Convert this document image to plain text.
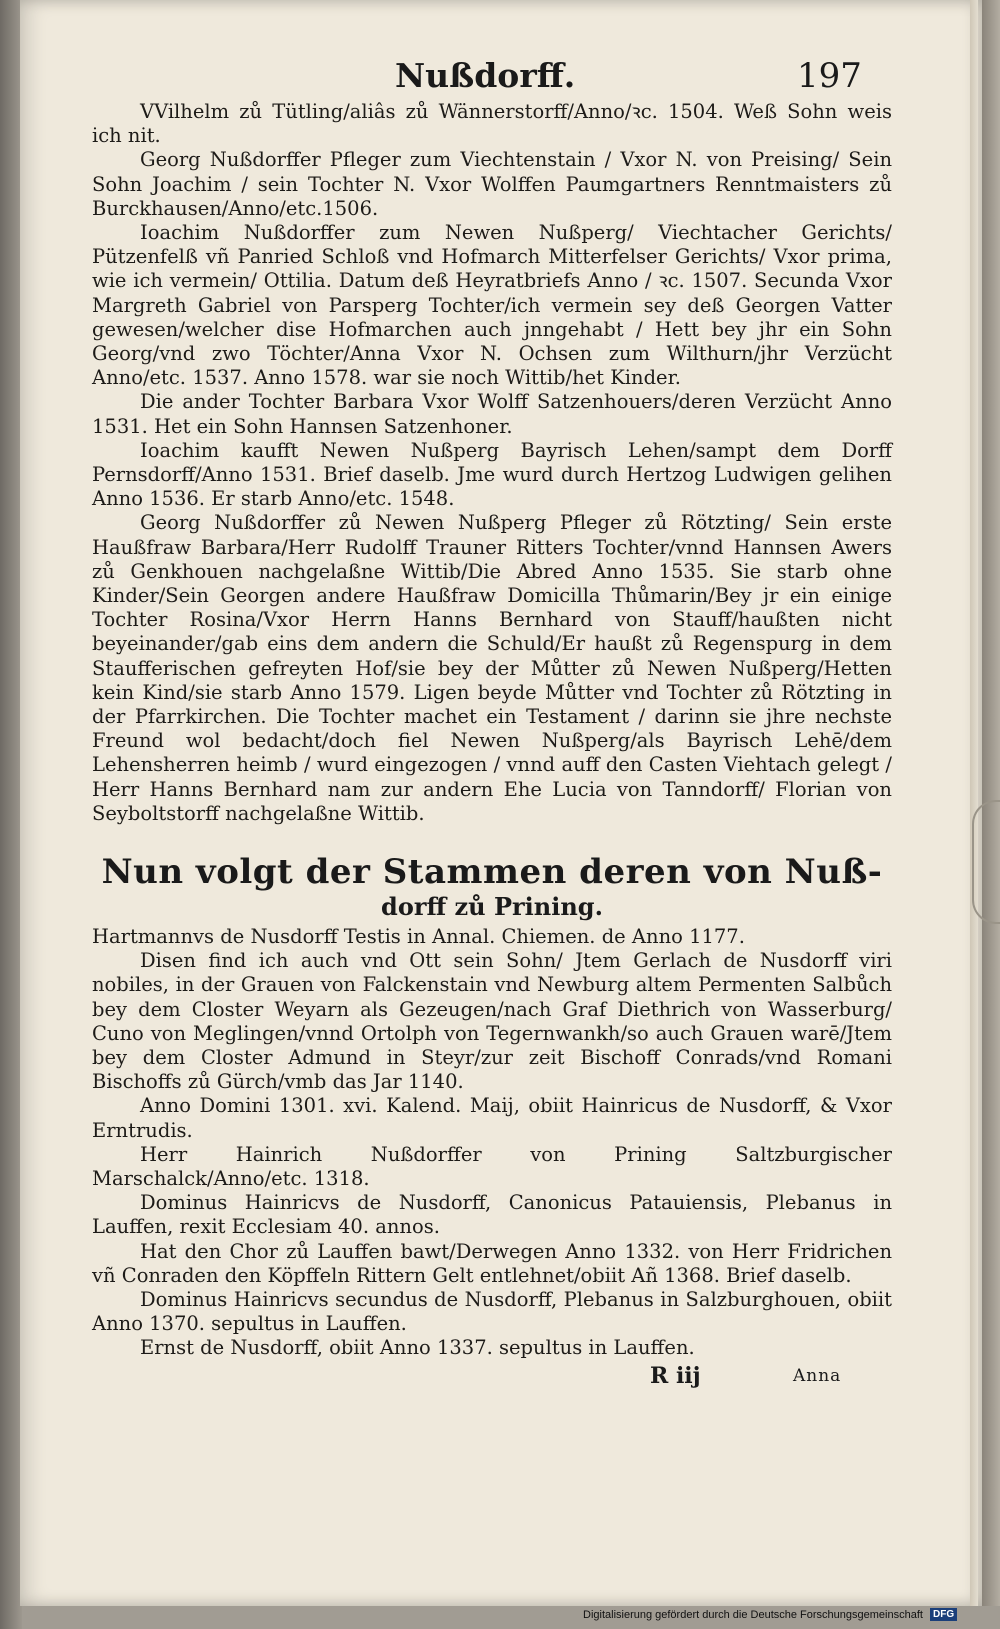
Nußdorff.	197

VVilhelm zů Tütling/aliâs zů Wännerstorff/Anno/ꝛc. 1504. Weß Sohn weis ich nit.

Georg Nußdorffer Pfleger zum Viechtenstain / Vxor N. von Preising/ Sein Sohn Joachim / sein Tochter N. Vxor Wolffen Paumgartners Renntmaisters zů Burckhausen/Anno/etc.1506.

Ioachim Nußdorffer zum Newen Nußperg/ Viechtacher Gerichts/ Pützenfelß vñ Panried Schloß vnd Hofmarch Mitterfelser Gerichts/ Vxor prima, wie ich vermein/ Ottilia. Datum deß Heyratbriefs Anno / ꝛc. 1507. Secunda Vxor Margreth Gabriel von Parsperg Tochter/ich vermein sey deß Georgen Vatter gewesen/welcher dise Hofmarchen auch jnngehabt / Hett bey jhr ein Sohn Georg/vnd zwo Töchter/Anna Vxor N. Ochsen zum Wilthurn/jhr Verzücht Anno/etc. 1537. Anno 1578. war sie noch Wittib/het Kinder.

Die ander Tochter Barbara Vxor Wolff Satzenhouers/deren Verzücht Anno 1531. Het ein Sohn Hannsen Satzenhoner.

Ioachim kaufft Newen Nußperg Bayrisch Lehen/sampt dem Dorff Pernsdorff/Anno 1531. Brief daselb. Jme wurd durch Hertzog Ludwigen gelihen Anno 1536. Er starb Anno/etc. 1548.

Georg Nußdorffer zů Newen Nußperg Pfleger zů Rötzting/ Sein erste Haußfraw Barbara/Herr Rudolff Trauner Ritters Tochter/vnnd Hannsen Awers zů Genkhouen nachgelaßne Wittib/Die Abred Anno 1535. Sie starb ohne Kinder/Sein Georgen andere Haußfraw Domicilla Thůmarin/Bey jr ein einige Tochter Rosina/Vxor Herrn Hanns Bernhard von Stauff/haußten nicht beyeinander/gab eins dem andern die Schuld/Er haußt zů Regenspurg in dem Staufferischen gefreyten Hof/sie bey der Můtter zů Newen Nußperg/Hetten kein Kind/sie starb Anno 1579. Ligen beyde Můtter vnd Tochter zů Rötzting in der Pfarrkirchen. Die Tochter machet ein Testament / darinn sie jhre nechste Freund wol bedacht/doch fiel Newen Nußperg/als Bayrisch Lehē/dem Lehensherren heimb / wurd eingezogen / vnnd auff den Casten Viehtach gelegt / Herr Hanns Bernhard nam zur andern Ehe Lucia von Tanndorff/ Florian von Seyboltstorff nachgelaßne Wittib.

Nun volgt der Stammen deren von Nuß-
dorff zů Prining.

Hartmannvs de Nusdorff Testis in Annal. Chiemen. de Anno 1177.

Disen find ich auch vnd Ott sein Sohn/ Jtem Gerlach de Nusdorff viri nobiles, in der Grauen von Falckenstain vnd Newburg altem Permenten Salbůch bey dem Closter Weyarn als Gezeugen/nach Graf Diethrich von Wasserburg/ Cuno von Meglingen/vnnd Ortolph von Tegernwankh/so auch Grauen warē/Jtem bey dem Closter Admund in Steyr/zur zeit Bischoff Conrads/vnd Romani Bischoffs zů Gürch/vmb das Jar 1140.

Anno Domini 1301. xvi. Kalend. Maij, obiit Hainricus de Nusdorff, & Vxor Erntrudis.

Herr Hainrich Nußdorffer von Prining Saltzburgischer Marschalck/Anno/etc. 1318.

Dominus Hainricvs de Nusdorff, Canonicus Patauiensis, Plebanus in Lauffen, rexit Ecclesiam 40. annos.

Hat den Chor zů Lauffen bawt/Derwegen Anno 1332. von Herr Fridrichen vñ Conraden den Köpffeln Rittern Gelt entlehnet/obiit Añ 1368. Brief daselb.

Dominus Hainricvs secundus de Nusdorff, Plebanus in Salzburghouen, obiit Anno 1370. sepultus in Lauffen.

Ernst de Nusdorff, obiit Anno 1337. sepultus in Lauffen.

R iij	Anna
Digitalisierung gefördert durch die Deutsche Forschungsgemeinschaft	DFG
